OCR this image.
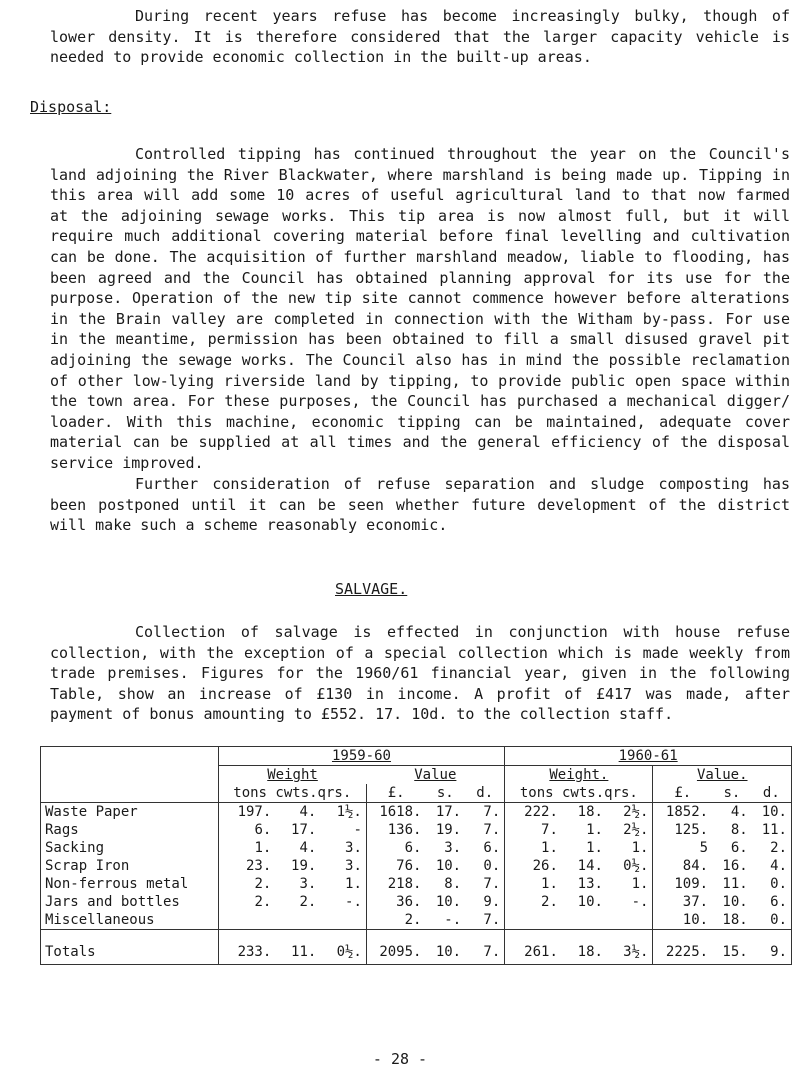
During recent years refuse has become increasingly bulky, though of lower density. It is therefore considered that the larger capacity vehicle is needed to provide economic collection in the built-up areas.

Disposal:

Controlled tipping has continued throughout the year on the Council's land adjoining the River Blackwater, where marshland is being made up. Tipping in this area will add some 10 acres of useful agricultural land to that now farmed at the adjoining sewage works. This tip area is now almost full, but it will require much additional covering material before final levelling and cultivation can be done. The acquisition of further marshland meadow, liable to flooding, has been agreed and the Council has obtained planning approval for its use for the purpose. Operation of the new tip site cannot commence however before alterations in the Brain valley are completed in connection with the Witham by-pass. For use in the meantime, permission has been obtained to fill a small disused gravel pit adjoining the sewage works. The Council also has in mind the possible reclamation of other low-lying riverside land by tipping, to provide public open space within the town area. For these purposes, the Council has purchased a mechanical digger/ loader. With this machine, economic tipping can be maintained, adequate cover material can be supplied at all times and the general efficiency of the disposal service improved.

Further consideration of refuse separation and sludge composting has been postponed until it can be seen whether future development of the district will make such a scheme reasonably economic.

SALVAGE.

Collection of salvage is effected in conjunction with house refuse collection, with the exception of a special collection which is made weekly from trade premises. Figures for the 1960/61 financial year, given in the following Table, show an increase of £130 in income. A profit of £417 was made, after payment of bonus amounting to £552. 17. 10d. to the collection staff.

	1959-60						1960-61					
	Weight			Value			Weight.			Value.		
	tons cwts.qrs.			£.	s.	d.	tons cwts.qrs.			£.	s.	d.
Waste Paper	197.	4.	1½.	1618.	17.	7.	222.	18.	2½.	1852.	4.	10.
Rags	6.	17.	-	136.	19.	7.	7.	1.	2½.	125.	8.	11.
Sacking	1.	4.	3.	6.	3.	6.	1.	1.	1.	5	6.	2.
Scrap Iron	23.	19.	3.	76.	10.	0.	26.	14.	0½.	84.	16.	4.
Non-ferrous metal	2.	3.	1.	218.	8.	7.	1.	13.	1.	109.	11.	0.
Jars and bottles	2.	2.	-.	36.	10.	9.	2.	10.	-.	37.	10.	6.
Miscellaneous				2.	-.	7.				10.	18.	0.
Totals	233.	11.	0½.	2095.	10.	7.	261.	18.	3½.	2225.	15.	9.
- 28 -
